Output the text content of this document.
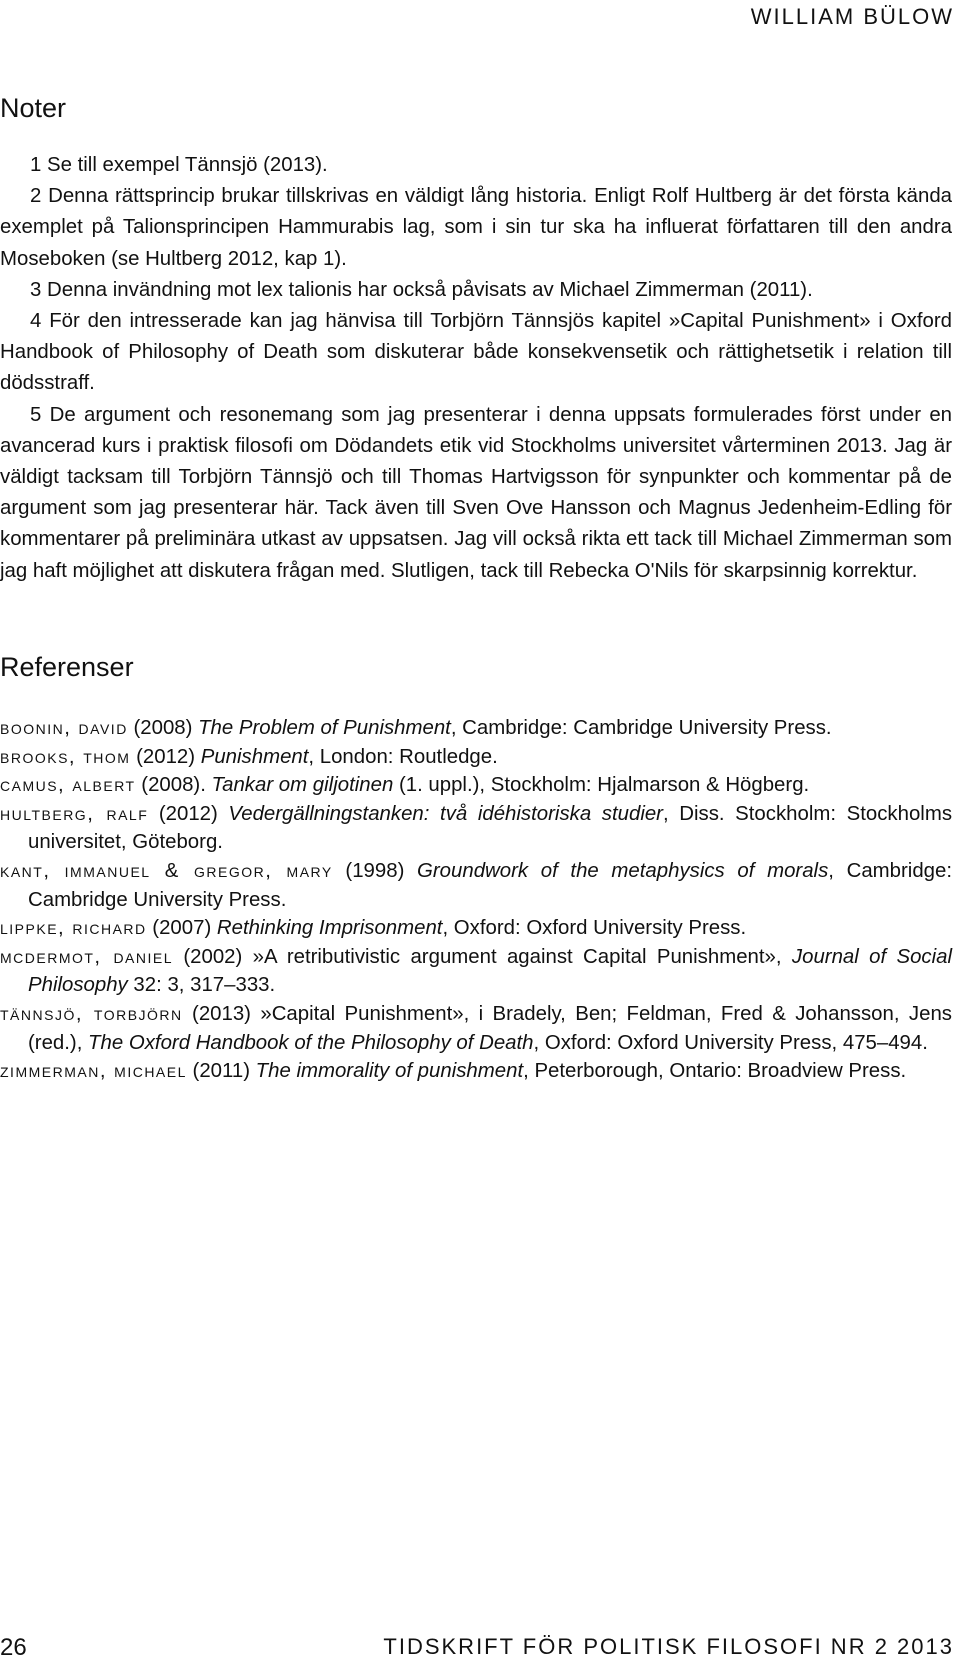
WILLIAM BÜLOW
Noter

1 Se till exempel Tännsjö (2013).

2 Denna rättsprincip brukar tillskrivas en väldigt lång historia. Enligt Rolf Hultberg är det första kända exemplet på Talionsprincipen Hammurabis lag, som i sin tur ska ha influerat författaren till den andra Moseboken (se Hultberg 2012, kap 1).

3 Denna invändning mot lex talionis har också påvisats av Michael Zimmerman (2011).

4 För den intresserade kan jag hänvisa till Torbjörn Tännsjös kapitel »Capital Punishment» i Oxford Handbook of Philosophy of Death som diskuterar både konsekvensetik och rättighetsetik i relation till dödsstraff.

5 De argument och resonemang som jag presenterar i denna uppsats formulerades först under en avancerad kurs i praktisk filosofi om Dödandets etik vid Stockholms universitet vårterminen 2013. Jag är väldigt tacksam till Torbjörn Tännsjö och till Thomas Hartvigsson för synpunkter och kommentar på de argument som jag presenterar här. Tack även till Sven Ove Hansson och Magnus Jedenheim-Edling för kommentarer på preliminära utkast av uppsatsen. Jag vill också rikta ett tack till Michael Zimmerman som jag haft möjlighet att diskutera frågan med. Slutligen, tack till Rebecka O'Nils för skarpsinnig korrektur.

Referenser

boonin, david (2008) The Problem of Punishment, Cambridge: Cambridge University Press.

brooks, thom (2012) Punishment, London: Routledge.

camus, albert (2008). Tankar om giljotinen (1. uppl.), Stockholm: Hjalmarson & Högberg.

hultberg, ralf (2012) Vedergällningstanken: två idéhistoriska studier, Diss. Stockholm: Stockholms universitet, Göteborg.

kant, immanuel & gregor, mary (1998) Groundwork of the metaphysics of morals, Cambridge: Cambridge University Press.

lippke, richard (2007) Rethinking Imprisonment, Oxford: Oxford University Press.

mcdermot, daniel (2002) »A retributivistic argument against Capital Punishment», Journal of Social Philosophy 32: 3, 317–333.

tännsjö, torbjörn (2013) »Capital Punishment», i Bradely, Ben; Feldman, Fred & Johansson, Jens (red.), The Oxford Handbook of the Philosophy of Death, Oxford: Oxford University Press, 475–494.

zimmerman, michael (2011) The immorality of punishment, Peterborough, Ontario: Broadview Press.

26	TIDSKRIFT FÖR POLITISK FILOSOFI NR 2 2013
